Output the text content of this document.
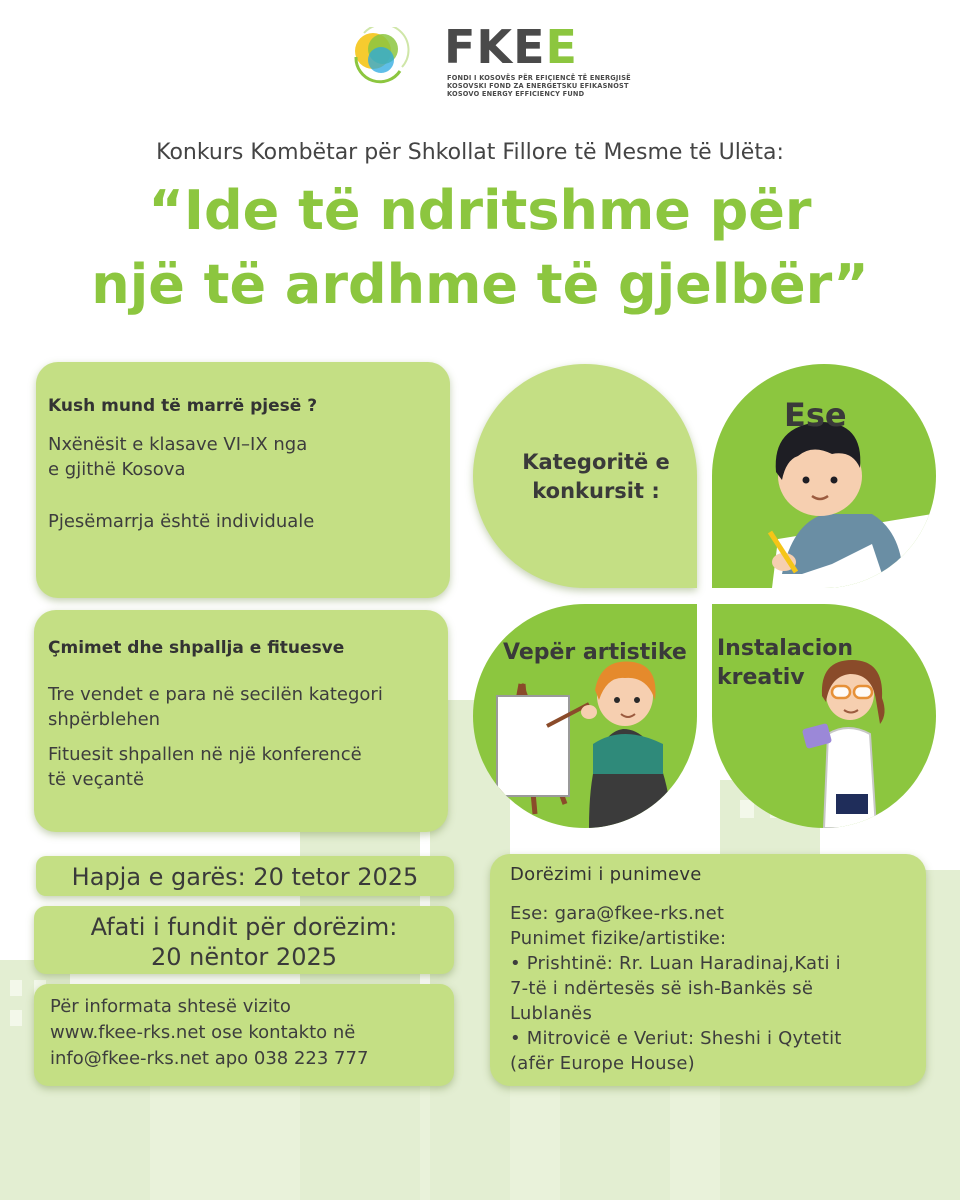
FKEE
FONDI I KOSOVËS PËR EFIÇIENCË TË ENERGJISË
KOSOVSKI FOND ZA ENERGETSKU EFIKASNOST
KOSOVO ENERGY EFFICIENCY FUND
Konkurs Kombëtar për Shkollat Fillore të Mesme të Ulëta:
“Ide të ndritshme për
një të ardhme të gjelbër”

Kush mund të marrë pjesë ?

Nxënësit e klasave VI–IX nga

e gjithë Kosova

Pjesëmarrja është individuale

Çmimet dhe shpallja e fituesve

Tre vendet e para në secilën kategori

shpërblehen

Fituesit shpallen në një konferencë

të veçantë

Kategoritë e
konkursit :
Ese
Vepër artistike Instalacion
kreativ
Hapja e garës: 20 tetor 2025
Afati i fundit për dorëzim:
20 nëntor 2025

Për informata shtesë vizito

www.fkee-rks.net ose kontakto në

info@fkee-rks.net apo 038 223 777

Dorëzimi i punimeve

Ese: gara@fkee-rks.net

Punimet fizike/artistike:

• Prishtinë: Rr. Luan Haradinaj,Kati i

7-të i ndërtesës së ish-Bankës së

Lublanës

• Mitrovicë e Veriut: Sheshi i Qytetit

(afër Europe House)
